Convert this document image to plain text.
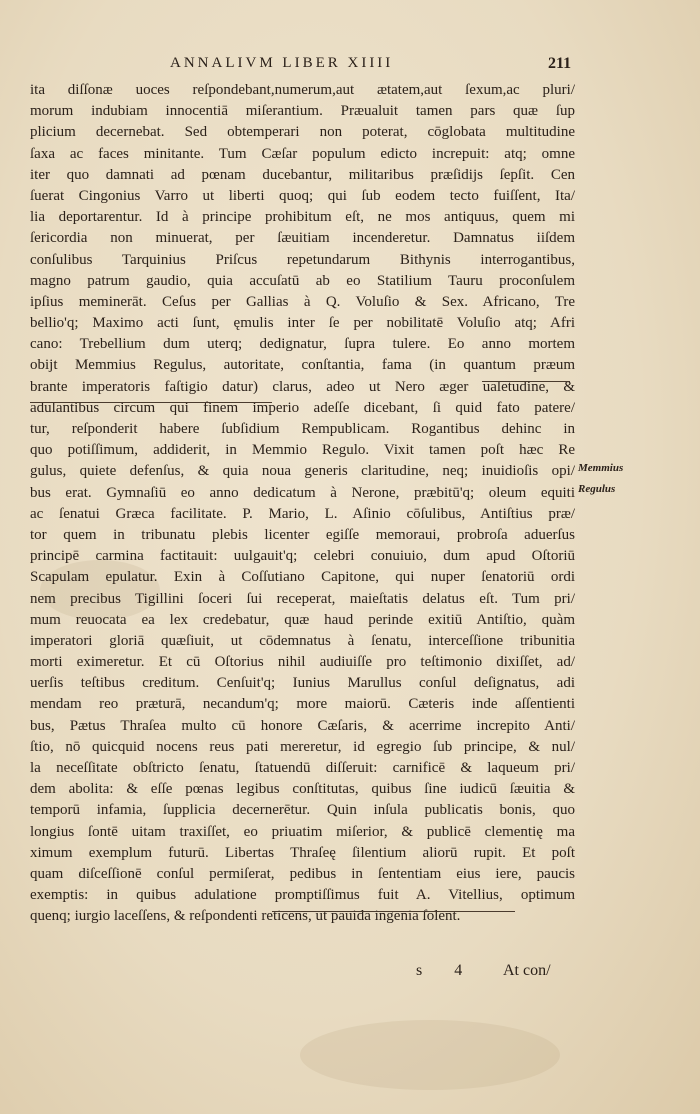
ANNALIVM LIBER XIIII	211
ita diſſonæ uoces reſpondebant,numerum,aut ætatem,aut ſexum,ac pluri/
morum indubiam innocentiā miſerantium. Præualuit tamen pars quæ ſup
plicium decernebat. Sed obtemperari non poterat, cōglobata multitudine
ſaxa ac faces minitante. Tum Cæſar populum edicto increpuit: atq; omne
iter quo damnati ad pœnam ducebantur, militaribus præſidijs ſepſit. Cen
ſuerat Cingonius Varro ut liberti quoq; qui ſub eodem tecto fuiſſent, Ita/
lia deportarentur. Id à principe prohibitum eſt, ne mos antiquus, quem mi
ſericordia non minuerat, per ſæuitiam incenderetur. Damnatus iiſdem
conſulibus Tarquinius Priſcus repetundarum Bithynis interrogantibus,
magno patrum gaudio, quia accuſatū ab eo Statilium Tauru proconſulem
ipſius meminerāt. Ceſus per Gallias à Q. Voluſio & Sex. Africano, Tre
bellio'q; Maximo acti ſunt, ęmulis inter ſe per nobilitatē Voluſio atq; Afri
cano: Trebellium dum uterq; dedignatur, ſupra tulere. Eo anno mortem
obijt Memmius Regulus, autoritate, conſtantia, fama (in quantum præum
brante imperatoris faſtigio datur) clarus, adeo ut Nero æger ualetudine, &
adulantibus circum qui finem imperio adeſſe dicebant, ſi quid fato patere/
tur, reſponderit habere ſubſidium Rempublicam. Rogantibus dehinc in
quo potiſſimum, addiderit, in Memmio Regulo. Vixit tamen poſt hæc Re
gulus, quiete defenſus, & quia noua generis claritudine, neq; inuidioſis opi/
bus erat. Gymnaſiū eo anno dedicatum à Nerone, præbitū'q; oleum equiti
ac ſenatui Græca facilitate. P. Mario, L. Aſinio cōſulibus, Antiſtius præ/
tor quem in tribunatu plebis licenter egiſſe memoraui, probroſa aduerſus
principē carmina factitauit: uulgauit'q; celebri conuiuio, dum apud Oſtoriū
Scapulam epulatur. Exin à Coſſutiano Capitone, qui nuper ſenatoriū ordi
nem precibus Tigillini ſoceri ſui receperat, maieſtatis delatus eſt. Tum pri/
mum reuocata ea lex credebatur, quæ haud perinde exitiū Antiſtio, quàm
imperatori gloriā quæſiuit, ut cōdemnatus à ſenatu, interceſſione tribunitia
morti eximeretur. Et cū Oſtorius nihil audiuiſſe pro teſtimonio dixiſſet, ad/
uerſis teſtibus creditum. Cenſuit'q; Iunius Marullus conſul deſignatus, adi
mendam reo præturā, necandum'q; more maiorū. Cæteris inde aſſentienti
bus, Pætus Thraſea multo cū honore Cæſaris, & acerrime increpito Anti/
ſtio, nō quicquid nocens reus pati mereretur, id egregio ſub principe, & nul/
la neceſſitate obſtricto ſenatu, ſtatuendū diſſeruit: carnificē & laqueum pri/
dem abolita: & eſſe pœnas legibus conſtitutas, quibus ſine iudicū ſæuitia &
temporū infamia, ſupplicia decernerētur. Quin inſula publicatis bonis, quo
longius ſontē uitam traxiſſet, eo priuatim miſerior, & publicē clementię ma
ximum exemplum futurū. Libertas Thraſeę ſilentium aliorū rupit. Et poſt
quam diſceſſionē conſul permiſerat, pedibus in ſententiam eius iere, paucis
exemptis: in quibus adulatione promptiſſimus fuit A. Vitellius, optimum
quenq; iurgio laceſſens, & reſpondenti reticens, ut pauida ingenia ſolent.
Memmius
Regulus
s 4 At con/
